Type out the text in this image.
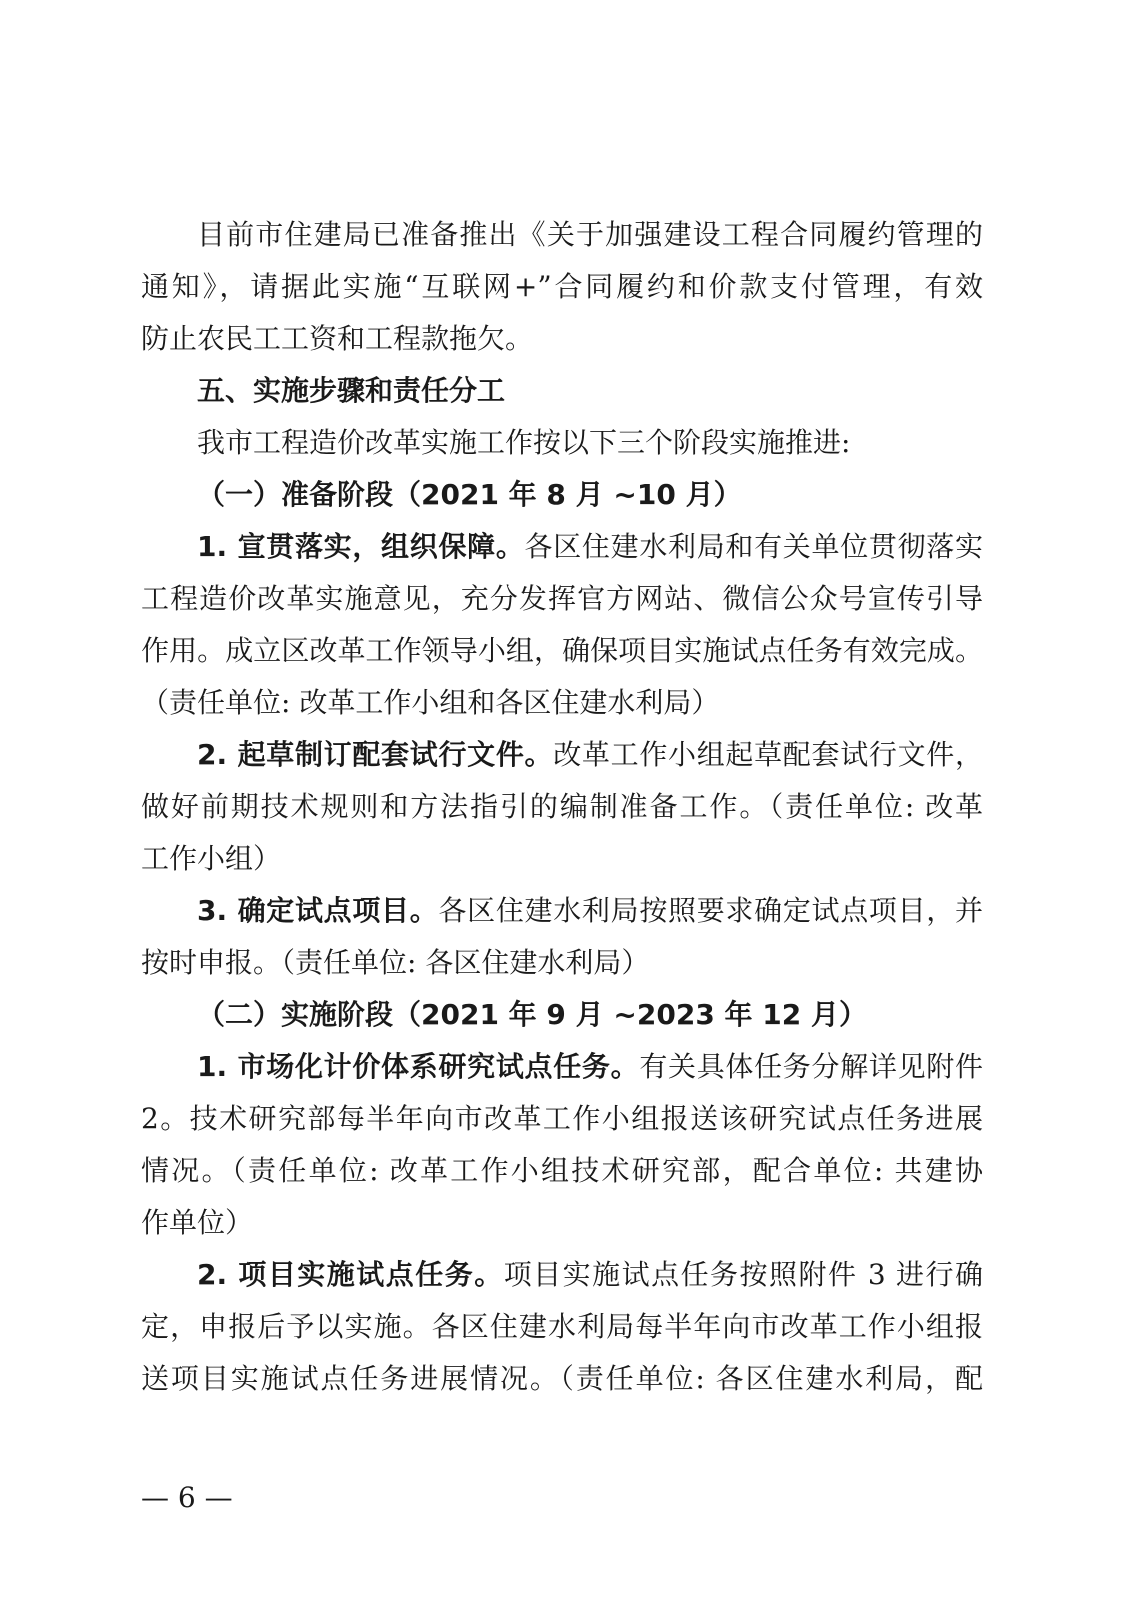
目前市住建局已准备推出《关于加强建设工程合同履约管理的
通知》，请据此实施“互联网+”合同履约和价款支付管理，有效
防止农民工工资和工程款拖欠。
五、实施步骤和责任分工
我市工程造价改革实施工作按以下三个阶段实施推进:
（一）准备阶段（2021 年 8 月 ~10 月）
1. 宣贯落实，组织保障。各区住建水利局和有关单位贯彻落实
工程造价改革实施意见，充分发挥官方网站、微信公众号宣传引导
作用。成立区改革工作领导小组，确保项目实施试点任务有效完成。
（责任单位: 改革工作小组和各区住建水利局）
2. 起草制订配套试行文件。改革工作小组起草配套试行文件，
做好前期技术规则和方法指引的编制准备工作。（责任单位: 改革
工作小组）
3. 确定试点项目。各区住建水利局按照要求确定试点项目，并
按时申报。（责任单位: 各区住建水利局）
（二）实施阶段（2021 年 9 月 ~2023 年 12 月）
1. 市场化计价体系研究试点任务。有关具体任务分解详见附件
2。技术研究部每半年向市改革工作小组报送该研究试点任务进展
情况。（责任单位: 改革工作小组技术研究部，配合单位: 共建协
作单位）
2. 项目实施试点任务。项目实施试点任务按照附件 3 进行确
定，申报后予以实施。各区住建水利局每半年向市改革工作小组报
送项目实施试点任务进展情况。（责任单位: 各区住建水利局，配
— 6 —
